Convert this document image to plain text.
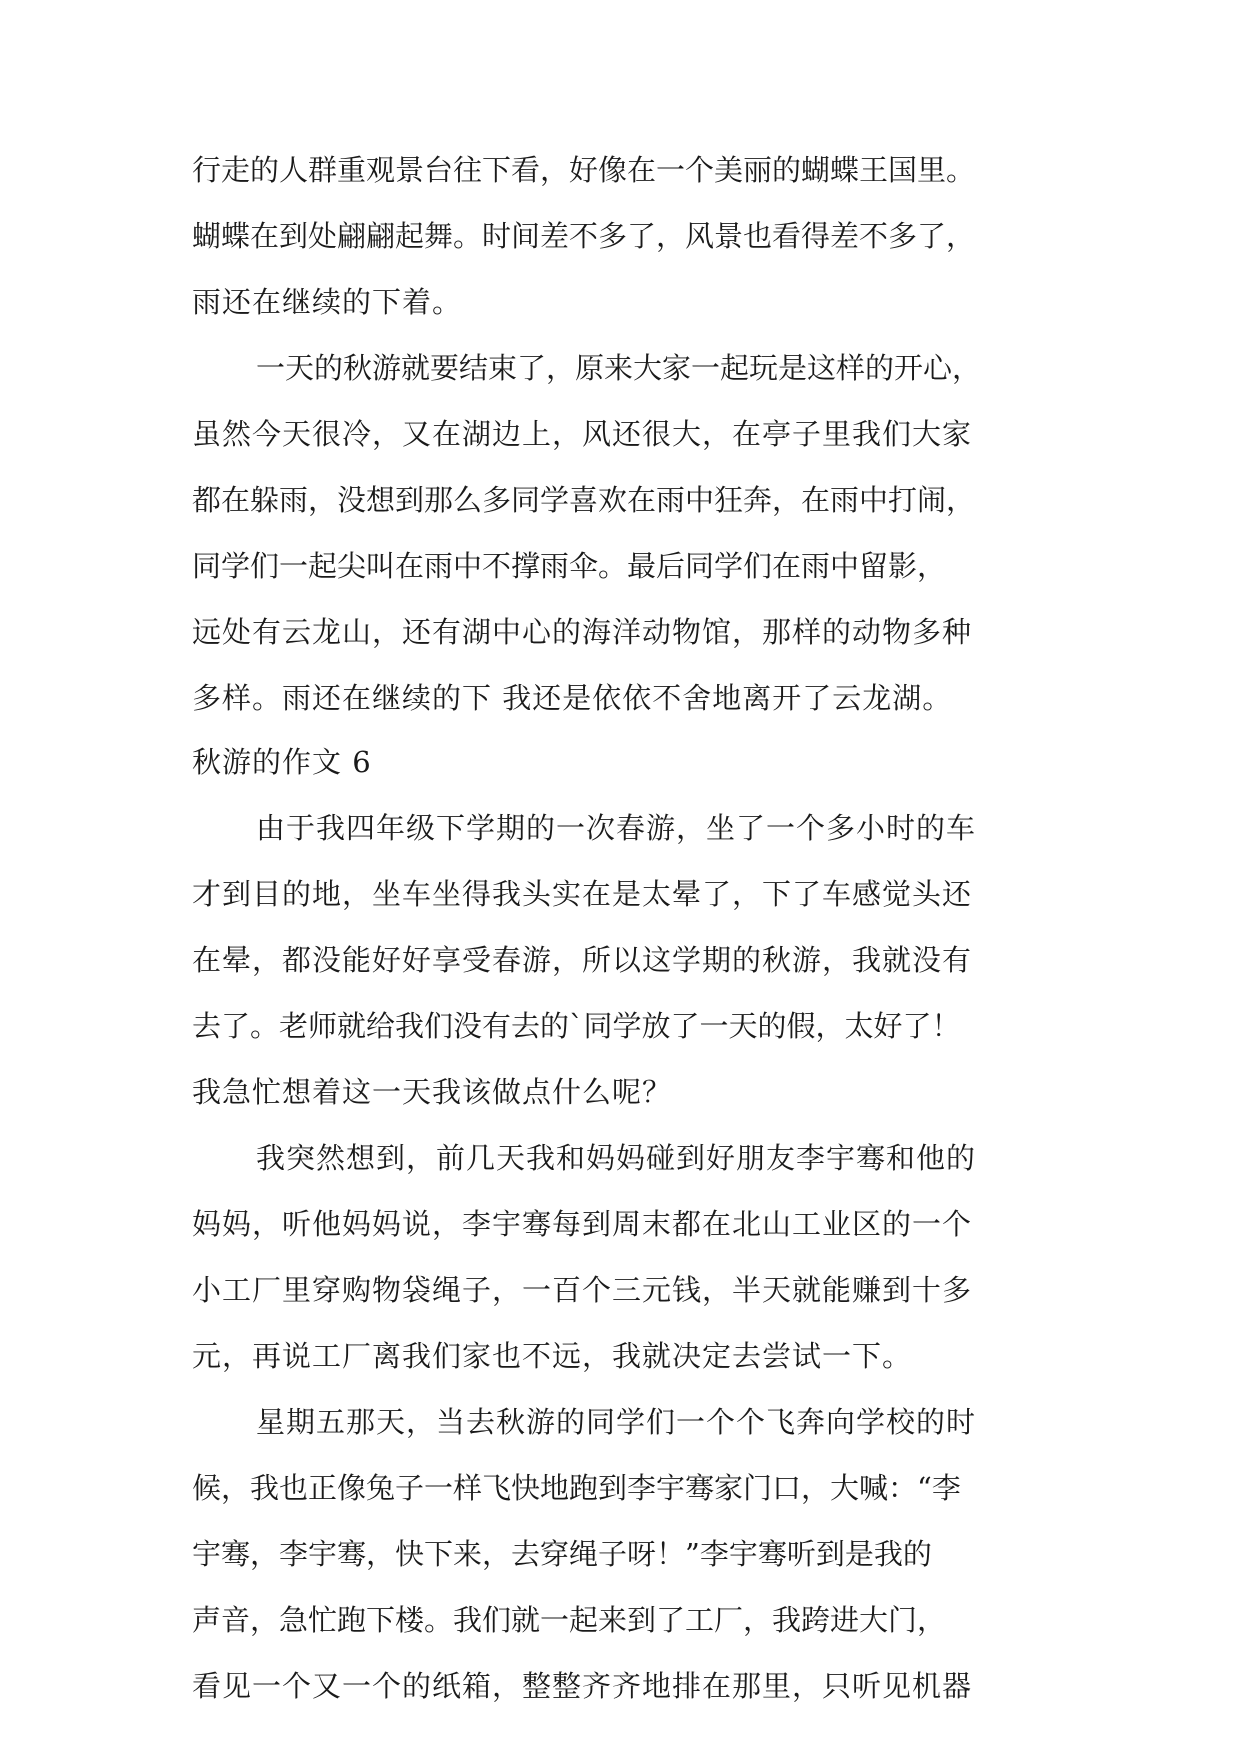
行走的人群重观景台往下看，好像在一个美丽的蝴蝶王国里。
蝴蝶在到处翩翩起舞。时间差不多了，风景也看得差不多了，
雨还在继续的下着。
一天的秋游就要结束了，原来大家一起玩是这样的开心，
虽然今天很冷，又在湖边上，风还很大，在亭子里我们大家
都在躲雨，没想到那么多同学喜欢在雨中狂奔，在雨中打闹，
同学们一起尖叫在雨中不撑雨伞。最后同学们在雨中留影，
远处有云龙山，还有湖中心的海洋动物馆，那样的动物多种
多样。雨还在继续的下 我还是依依不舍地离开了云龙湖。
秋游的作文 6
由于我四年级下学期的一次春游，坐了一个多小时的车
才到目的地，坐车坐得我头实在是太晕了，下了车感觉头还
在晕，都没能好好享受春游，所以这学期的秋游，我就没有
去了。老师就给我们没有去的`同学放了一天的假，太好了！
我急忙想着这一天我该做点什么呢？
我突然想到，前几天我和妈妈碰到好朋友李宇骞和他的
妈妈，听他妈妈说，李宇骞每到周末都在北山工业区的一个
小工厂里穿购物袋绳子，一百个三元钱，半天就能赚到十多
元，再说工厂离我们家也不远，我就决定去尝试一下。
星期五那天，当去秋游的同学们一个个飞奔向学校的时
候，我也正像兔子一样飞快地跑到李宇骞家门口，大喊：“李
宇骞，李宇骞，快下来，去穿绳子呀！”李宇骞听到是我的
声音，急忙跑下楼。我们就一起来到了工厂，我跨进大门，
看见一个又一个的纸箱，整整齐齐地排在那里，只听见机器
